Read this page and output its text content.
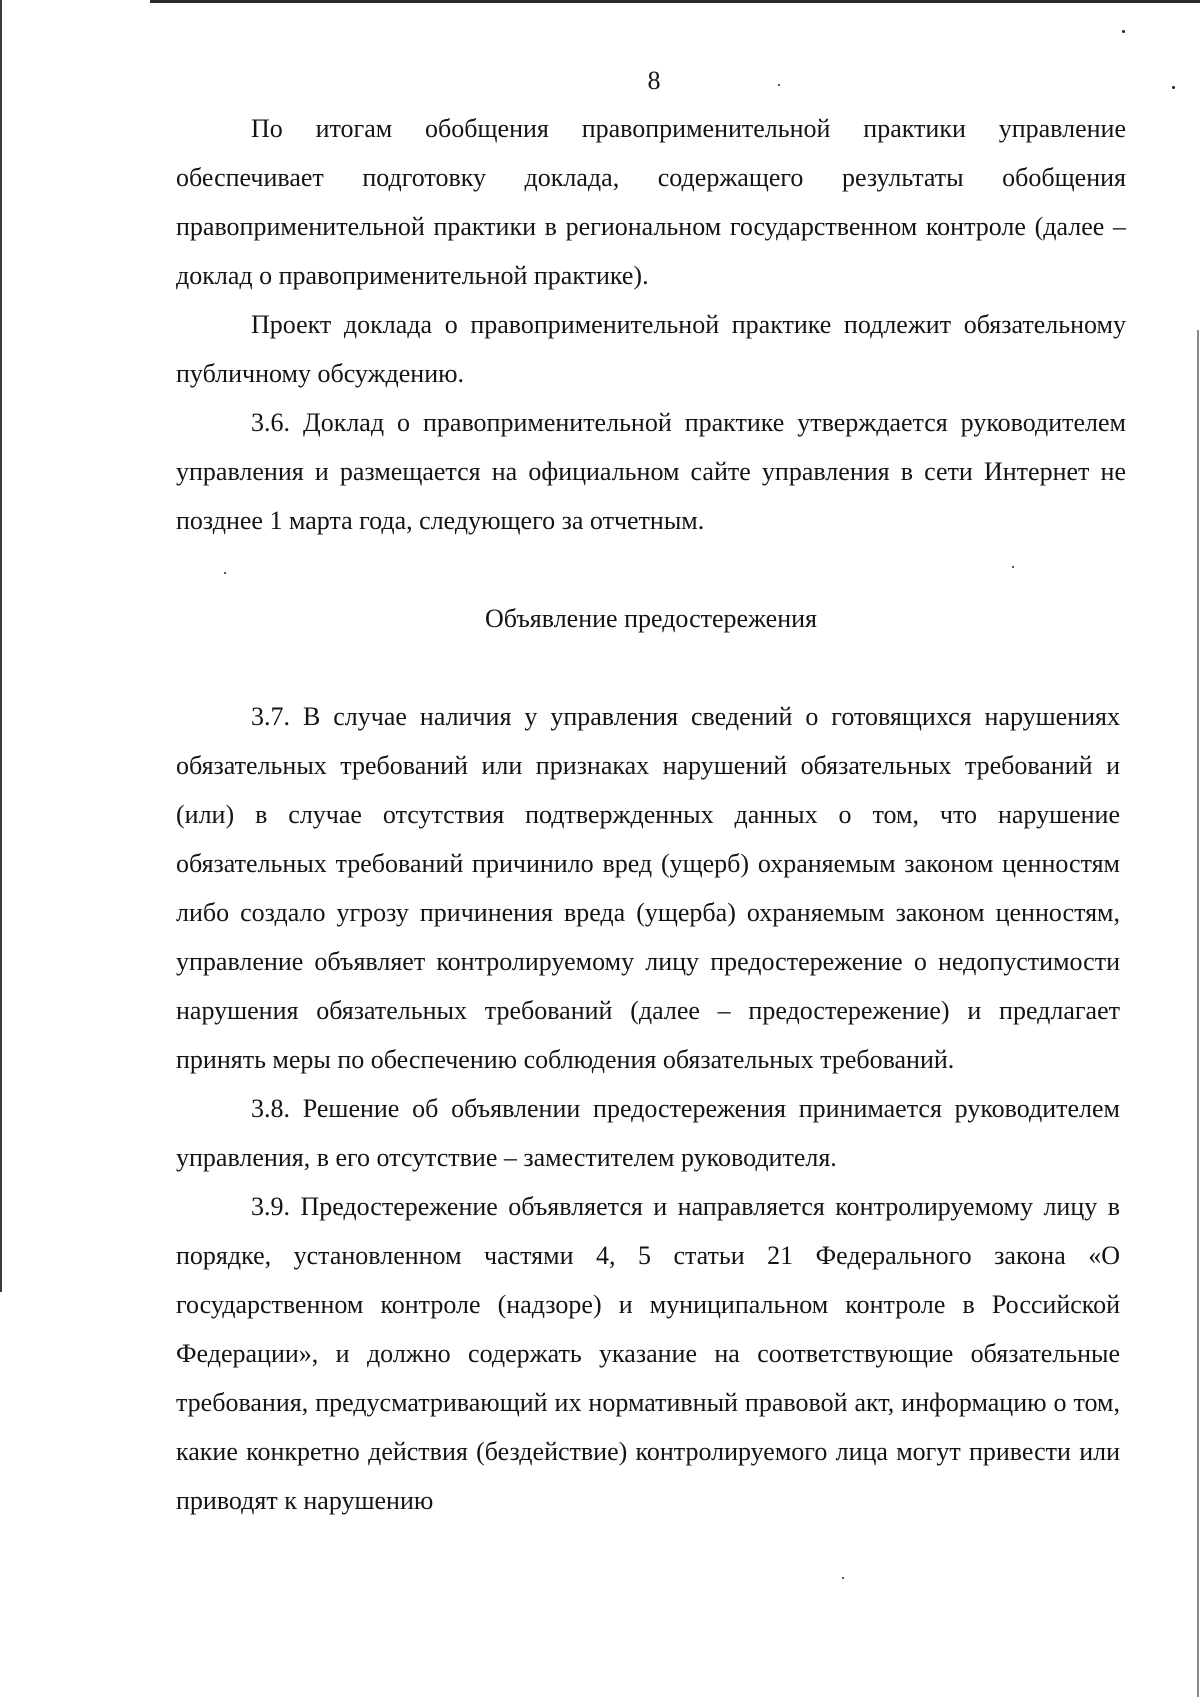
8

По итогам обобщения правоприменительной практики управление обеспечивает подготовку доклада, содержащего результаты обобщения правоприменительной практики в региональном государственном контроле (далее – доклад о правоприменительной практике).

Проект доклада о правоприменительной практике подлежит обязательному публичному обсуждению.

3.6. Доклад о правоприменительной практике утверждается руководителем управления и размещается на официальном сайте управления в сети Интернет не позднее 1 марта года, следующего за отчетным.

Объявление предостережения

3.7. В случае наличия у управления сведений о готовящихся нарушениях обязательных требований или признаках нарушений обязательных требований и (или) в случае отсутствия подтвержденных данных о том, что нарушение обязательных требований причинило вред (ущерб) охраняемым законом ценностям либо создало угрозу причинения вреда (ущерба) охраняемым законом ценностям, управление объявляет контролируемому лицу предостережение о недопустимости нарушения обязательных требований (далее – предостережение) и предлагает принять меры по обеспечению соблюдения обязательных требований.

3.8. Решение об объявлении предостережения принимается руководителем управления, в его отсутствие – заместителем руководителя.

3.9. Предостережение объявляется и направляется контролируемому лицу в порядке, установленном частями 4, 5 статьи 21 Федерального закона «О государственном контроле (надзоре) и муниципальном контроле в Российской Федерации», и должно содержать указание на соответствующие обязательные требования, предусматривающий их нормативный правовой акт, информацию о том, какие конкретно действия (бездействие) контролируемого лица могут привести или приводят к нарушению
